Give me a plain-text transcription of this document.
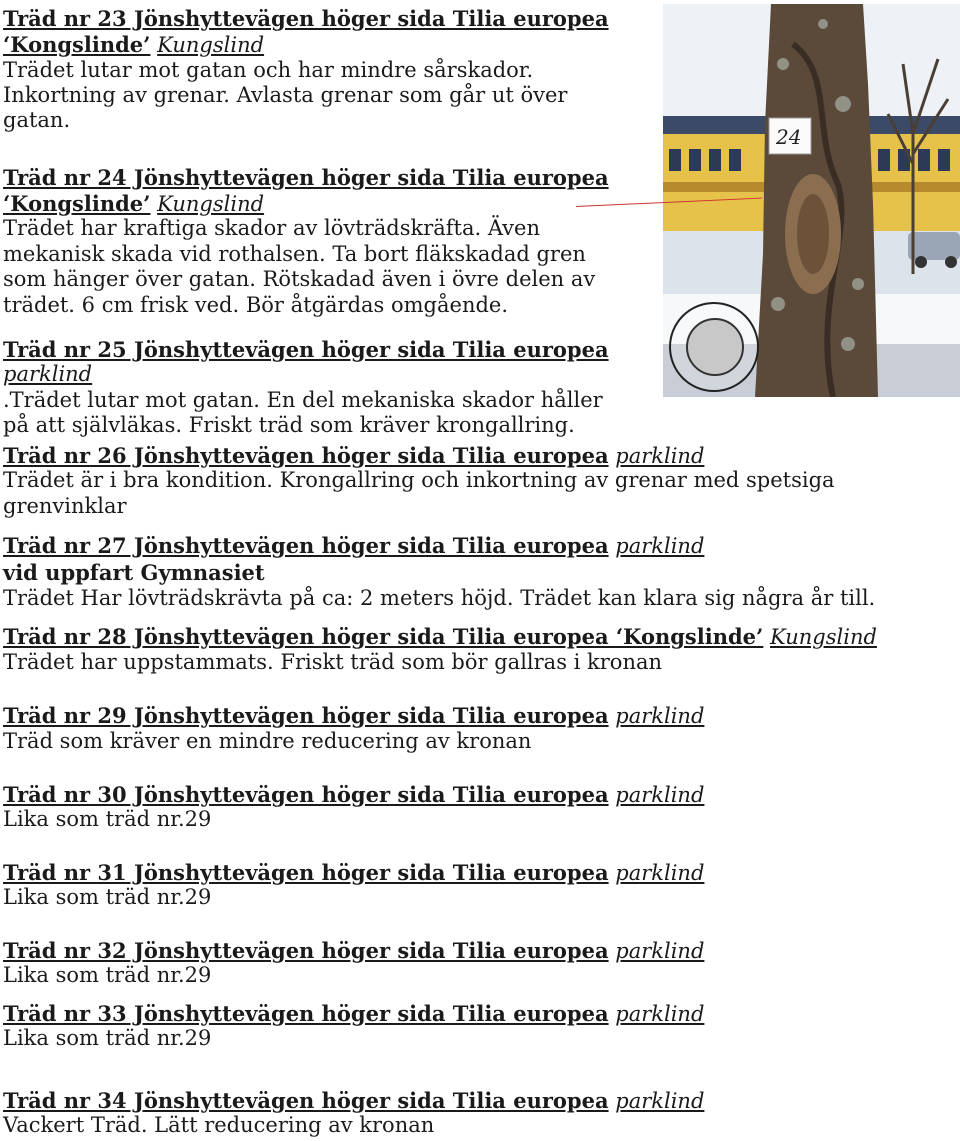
Träd nr 23 Jönshyttevägen höger sida Tilia europea
‘Kongslinde’ Kungslind
Trädet lutar mot gatan och har mindre sårskador.
Inkortning av grenar. Avlasta grenar som går ut över
gatan.
Träd nr 24 Jönshyttevägen höger sida Tilia europea
‘Kongslinde’ Kungslind
Trädet har kraftiga skador av lövträdskräfta. Även
mekanisk skada vid rothalsen. Ta bort fläkskadad gren
som hänger över gatan. Rötskadad även i övre delen av
trädet. 6 cm frisk ved. Bör åtgärdas omgående.
Träd nr 25 Jönshyttevägen höger sida Tilia europea
parklind
.Trädet lutar mot gatan. En del mekaniska skador håller
på att självläkas. Friskt träd som kräver krongallring.
Träd nr 26 Jönshyttevägen höger sida Tilia europea parklind
Trädet är i bra kondition. Krongallring och inkortning av grenar med spetsiga
grenvinklar
Träd nr 27 Jönshyttevägen höger sida Tilia europea parklind
vid uppfart Gymnasiet
Trädet Har lövträdskrävta på ca: 2 meters höjd. Trädet kan klara sig några år till.
Träd nr 28 Jönshyttevägen höger sida Tilia europea ‘Kongslinde’ Kungslind
Trädet har uppstammats. Friskt träd som bör gallras i kronan
Träd nr 29 Jönshyttevägen höger sida Tilia europea parklind
Träd som kräver en mindre reducering av kronan
Träd nr 30 Jönshyttevägen höger sida Tilia europea parklind
Lika som träd nr.29
Träd nr 31 Jönshyttevägen höger sida Tilia europea parklind
Lika som träd nr.29
Träd nr 32 Jönshyttevägen höger sida Tilia europea parklind
Lika som träd nr.29
Träd nr 33 Jönshyttevägen höger sida Tilia europea parklind
Lika som träd nr.29
Träd nr 34 Jönshyttevägen höger sida Tilia europea parklind
Vackert Träd. Lätt reducering av kronan
24
